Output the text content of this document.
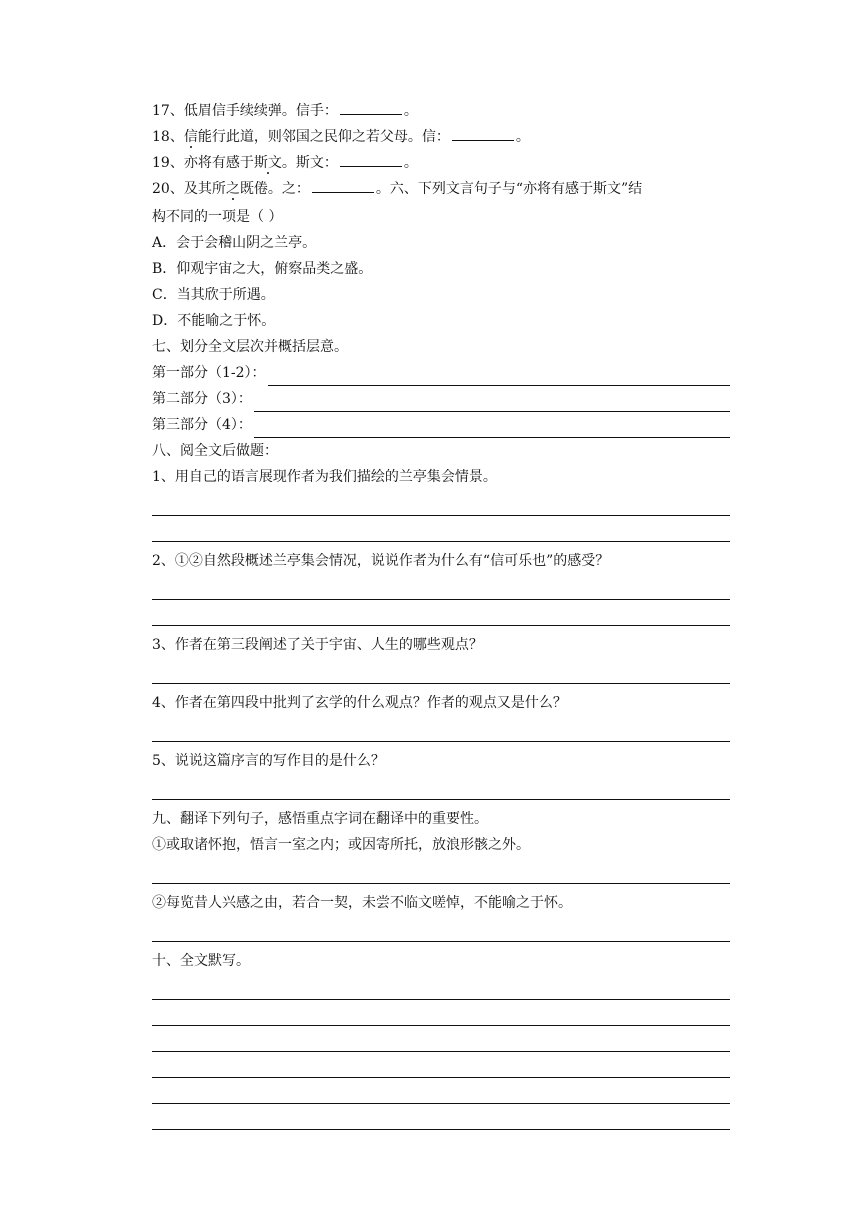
17、低眉信手续续弹。信手：	。
18、信能行此道，则邻国之民仰之若父母。信：	。
19、亦将有感于斯文。斯文：	。
20、及其所之既倦。之：	。六、下列文言句子与“亦将有感于斯文”结
构不同的一项是（ ）
A．会于会稽山阴之兰亭。
B．仰观宇宙之大，俯察品类之盛。
C．当其欣于所遇。
D．不能喻之于怀。
七、划分全文层次并概括层意。
第一部分（1-2）：
第二部分（3）：
第三部分（4）：
八、阅全文后做题：
1、用自己的语言展现作者为我们描绘的兰亭集会情景。
2、①②自然段概述兰亭集会情况，说说作者为什么有“信可乐也”的感受？
3、作者在第三段阐述了关于宇宙、人生的哪些观点？
4、作者在第四段中批判了玄学的什么观点？作者的观点又是什么？
5、说说这篇序言的写作目的是什么？
九、翻译下列句子，感悟重点字词在翻译中的重要性。
①或取诸怀抱，悟言一室之内；或因寄所托，放浪形骸之外。
②每览昔人兴感之由，若合一契，未尝不临文嗟悼，不能喻之于怀。
十、全文默写。
